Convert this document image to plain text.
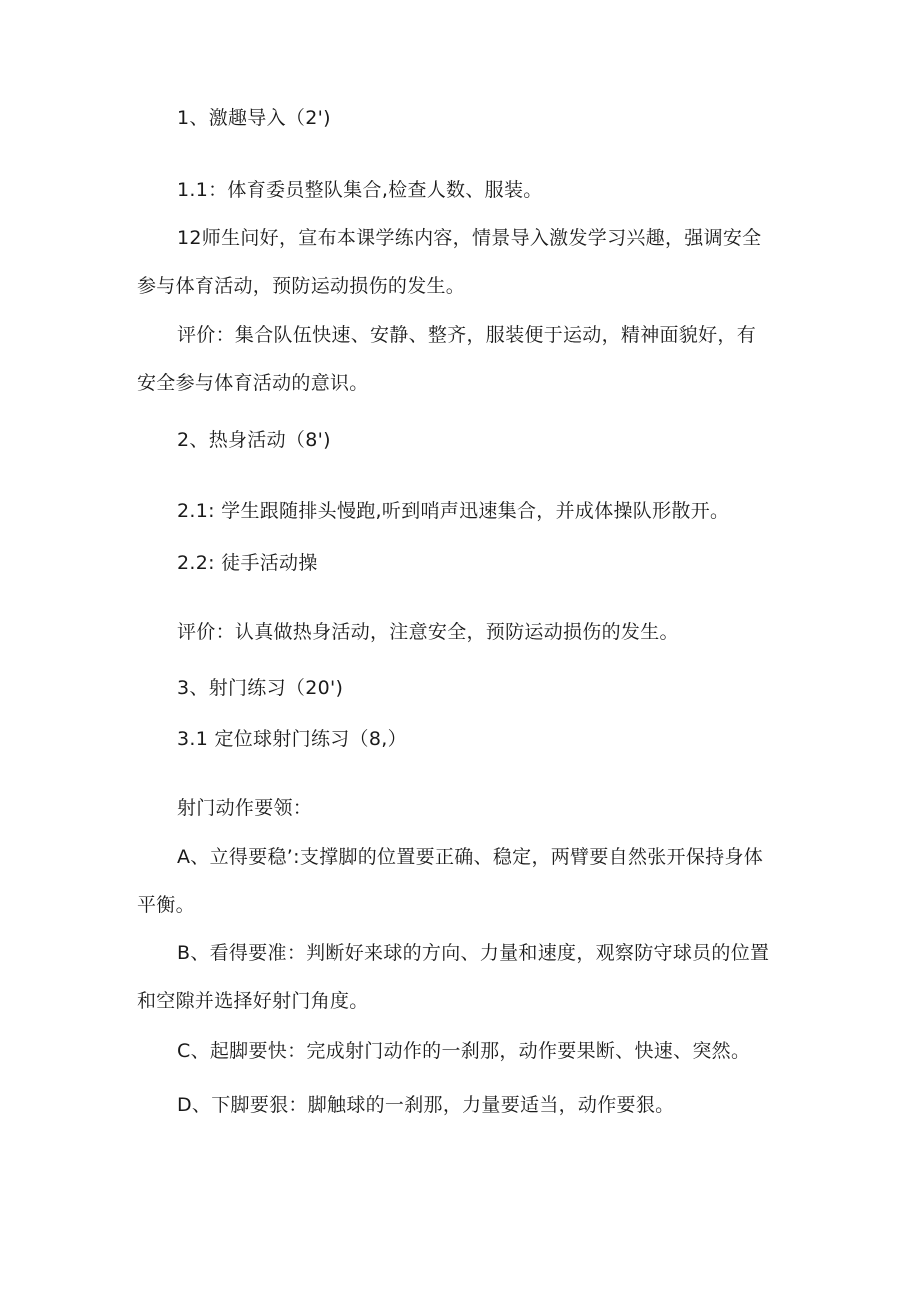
1、激趣导入（2')
1.1：体育委员整队集合,检查人数、服装。
12师生问好，宣布本课学练内容，情景导入激发学习兴趣，强调安全
参与体育活动，预防运动损伤的发生。
评价：集合队伍快速、安静、整齐，服装便于运动，精神面貌好，有
安全参与体育活动的意识。
2、热身活动（8')
2.1: 学生跟随排头慢跑,听到哨声迅速集合，并成体操队形散开。
2.2: 徒手活动操
评价：认真做热身活动，注意安全，预防运动损伤的发生。
3、射门练习（20')
3.1 定位球射门练习（8,）
射门动作要领：
A、立得要稳’:支撑脚的位置要正确、稳定，两臂要自然张开保持身体
平衡。
B、看得要准：判断好来球的方向、力量和速度，观察防守球员的位置
和空隙并选择好射门角度。
C、起脚要快：完成射门动作的一刹那，动作要果断、快速、突然。
D、下脚要狠：脚触球的一刹那，力量要适当，动作要狠。
